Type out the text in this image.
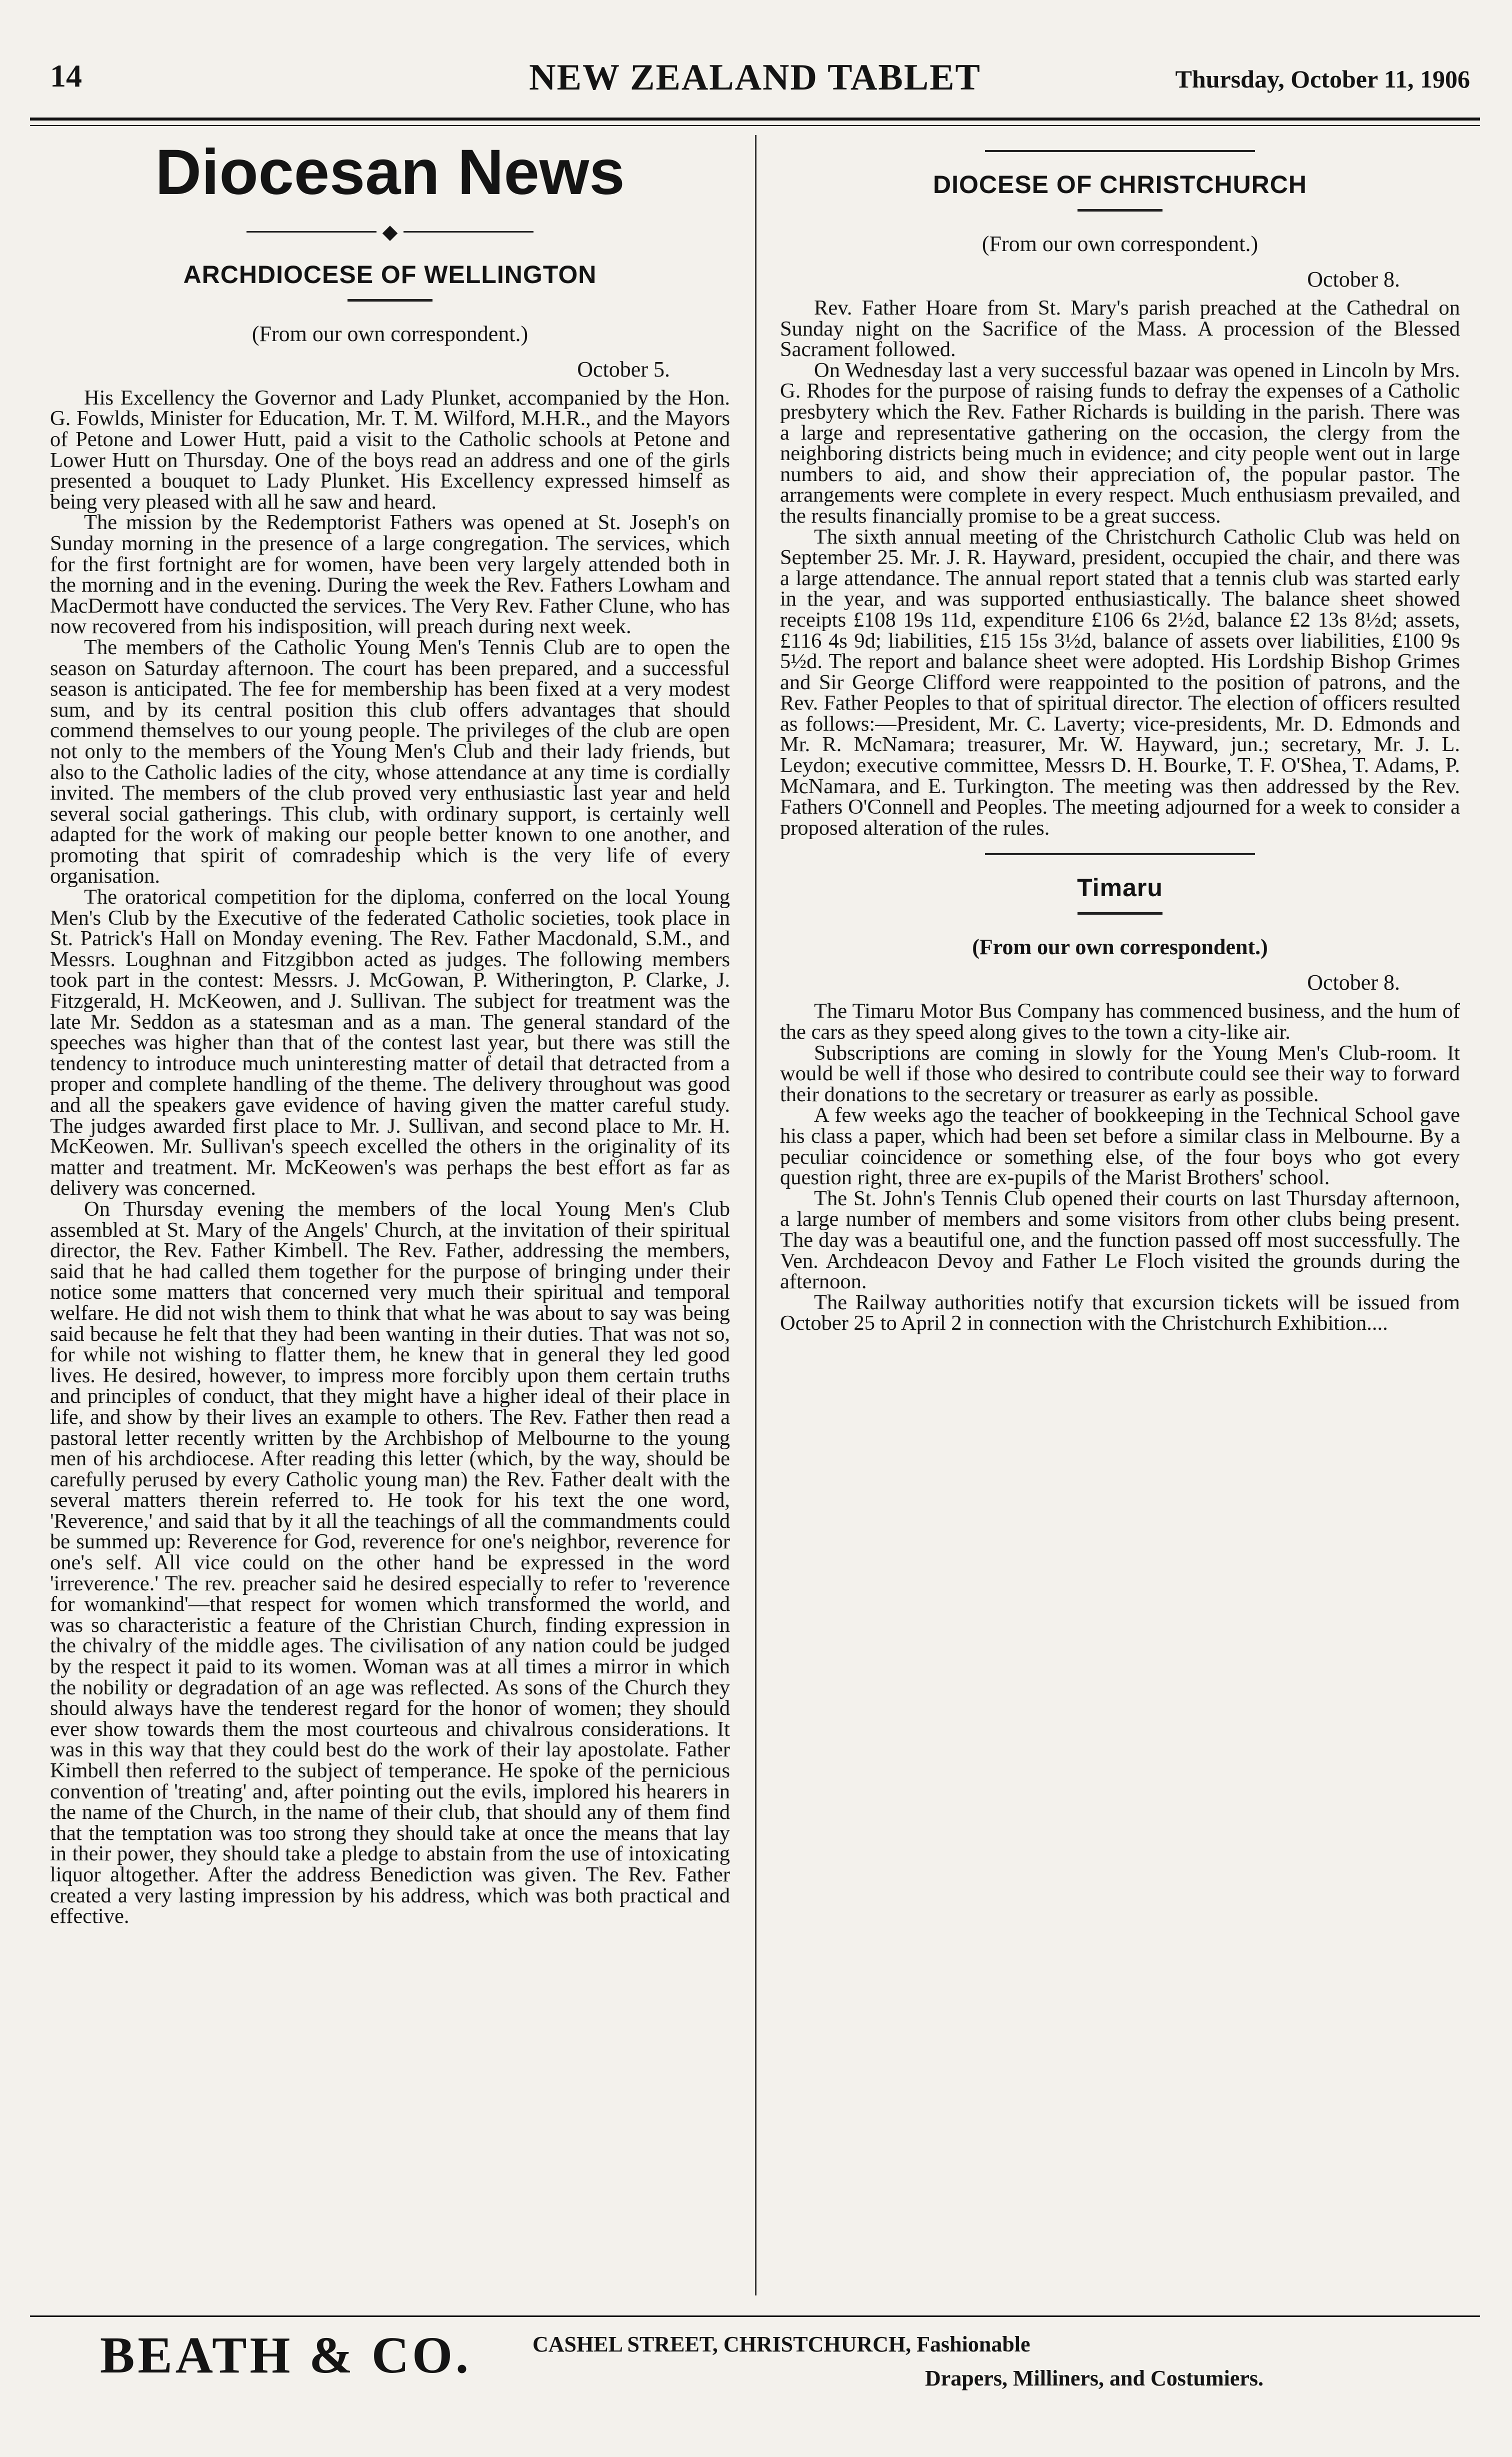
14	NEW ZEALAND TABLET	Thursday, October 11, 1906
Diocesan News
◆
ARCHDIOCESE OF WELLINGTON
(From our own correspondent.)
October 5.

His Excellency the Governor and Lady Plunket, accompanied by the Hon. G. Fowlds, Minister for Education, Mr. T. M. Wilford, M.H.R., and the Mayors of Petone and Lower Hutt, paid a visit to the Catholic schools at Petone and Lower Hutt on Thursday. One of the boys read an address and one of the girls presented a bouquet to Lady Plunket. His Excellency expressed himself as being very pleased with all he saw and heard.

The mission by the Redemptorist Fathers was opened at St. Joseph's on Sunday morning in the presence of a large congregation. The services, which for the first fortnight are for women, have been very largely attended both in the morning and in the evening. During the week the Rev. Fathers Lowham and MacDermott have conducted the services. The Very Rev. Father Clune, who has now recovered from his indisposition, will preach during next week.

The members of the Catholic Young Men's Tennis Club are to open the season on Saturday afternoon. The court has been prepared, and a successful season is anticipated. The fee for membership has been fixed at a very modest sum, and by its central position this club offers advantages that should commend themselves to our young people. The privileges of the club are open not only to the members of the Young Men's Club and their lady friends, but also to the Catholic ladies of the city, whose attendance at any time is cordially invited. The members of the club proved very enthusiastic last year and held several social gatherings. This club, with ordinary support, is certainly well adapted for the work of making our people better known to one another, and promoting that spirit of comradeship which is the very life of every organisation.

The oratorical competition for the diploma, conferred on the local Young Men's Club by the Executive of the federated Catholic societies, took place in St. Patrick's Hall on Monday evening. The Rev. Father Macdonald, S.M., and Messrs. Loughnan and Fitzgibbon acted as judges. The following members took part in the contest: Messrs. J. McGowan, P. Witherington, P. Clarke, J. Fitzgerald, H. McKeowen, and J. Sullivan. The subject for treatment was the late Mr. Seddon as a statesman and as a man. The general standard of the speeches was higher than that of the contest last year, but there was still the tendency to introduce much uninteresting matter of detail that detracted from a proper and complete handling of the theme. The delivery throughout was good and all the speakers gave evidence of having given the matter careful study. The judges awarded first place to Mr. J. Sullivan, and second place to Mr. H. McKeowen. Mr. Sullivan's speech excelled the others in the originality of its matter and treatment. Mr. McKeowen's was perhaps the best effort as far as delivery was concerned.

On Thursday evening the members of the local Young Men's Club assembled at St. Mary of the Angels' Church, at the invitation of their spiritual director, the Rev. Father Kimbell. The Rev. Father, addressing the members, said that he had called them together for the purpose of bringing under their notice some matters that concerned very much their spiritual and temporal welfare. He did not wish them to think that what he was about to say was being said because he felt that they had been wanting in their duties. That was not so, for while not wishing to flatter them, he knew that in general they led good lives. He desired, however, to impress more forcibly upon them certain truths and principles of conduct, that they might have a higher ideal of their place in life, and show by their lives an example to others. The Rev. Father then read a pastoral letter recently written by the Archbishop of Melbourne to the young men of his archdiocese. After reading this letter (which, by the way, should be carefully perused by every Catholic young man) the Rev. Father dealt with the several matters therein referred to. He took for his text the one word, 'Reverence,' and said that by it all the teachings of all the commandments could be summed up: Reverence for God, reverence for one's neighbor, reverence for one's self. All vice could on the other hand be expressed in the word 'irreverence.' The rev. preacher said he desired especially to refer to 'reverence for womankind'—that respect for women which transformed the world, and was so characteristic a feature of the Christian Church, finding expression in the chivalry of the middle ages. The civilisation of any nation could be judged by the respect it paid to its women. Woman was at all times a mirror in which the nobility or degradation of an age was reflected. As sons of the Church they should always have the tenderest regard for the honor of women; they should ever show towards them the most courteous and chivalrous considerations. It was in this way that they could best do the work of their lay apostolate. Father Kimbell then referred to the subject of temperance. He spoke of the pernicious convention of 'treating' and, after pointing out the evils, implored his hearers in the name of the Church, in the name of their club, that should any of them find that the temptation was too strong they should take at once the means that lay in their power, they should take a pledge to abstain from the use of intoxicating liquor altogether. After the address Benediction was given. The Rev. Father created a very lasting impression by his address, which was both practical and effective.

DIOCESE OF CHRISTCHURCH
(From our own correspondent.)
October 8.

Rev. Father Hoare from St. Mary's parish preached at the Cathedral on Sunday night on the Sacrifice of the Mass. A procession of the Blessed Sacrament followed.

On Wednesday last a very successful bazaar was opened in Lincoln by Mrs. G. Rhodes for the purpose of raising funds to defray the expenses of a Catholic presbytery which the Rev. Father Richards is building in the parish. There was a large and representative gathering on the occasion, the clergy from the neighboring districts being much in evidence; and city people went out in large numbers to aid, and show their appreciation of, the popular pastor. The arrangements were complete in every respect. Much enthusiasm prevailed, and the results financially promise to be a great success.

The sixth annual meeting of the Christchurch Catholic Club was held on September 25. Mr. J. R. Hayward, president, occupied the chair, and there was a large attendance. The annual report stated that a tennis club was started early in the year, and was supported enthusiastically. The balance sheet showed receipts £108 19s 11d, expenditure £106 6s 2½d, balance £2 13s 8½d; assets, £116 4s 9d; liabilities, £15 15s 3½d, balance of assets over liabilities, £100 9s 5½d. The report and balance sheet were adopted. His Lordship Bishop Grimes and Sir George Clifford were reappointed to the position of patrons, and the Rev. Father Peoples to that of spiritual director. The election of officers resulted as follows:—President, Mr. C. Laverty; vice-presidents, Mr. D. Edmonds and Mr. R. McNamara; treasurer, Mr. W. Hayward, jun.; secretary, Mr. J. L. Leydon; executive committee, Messrs D. H. Bourke, T. F. O'Shea, T. Adams, P. McNamara, and E. Turkington. The meeting was then addressed by the Rev. Fathers O'Connell and Peoples. The meeting adjourned for a week to consider a proposed alteration of the rules.

Timaru
(From our own correspondent.)
October 8.

The Timaru Motor Bus Company has commenced business, and the hum of the cars as they speed along gives to the town a city-like air.

Subscriptions are coming in slowly for the Young Men's Club-room. It would be well if those who desired to contribute could see their way to forward their donations to the secretary or treasurer as early as possible.

A few weeks ago the teacher of bookkeeping in the Technical School gave his class a paper, which had been set before a similar class in Melbourne. By a peculiar coincidence or something else, of the four boys who got every question right, three are ex-pupils of the Marist Brothers' school.

The St. John's Tennis Club opened their courts on last Thursday afternoon, a large number of members and some visitors from other clubs being present. The day was a beautiful one, and the function passed off most successfully. The Ven. Archdeacon Devoy and Father Le Floch visited the grounds during the afternoon.

The Railway authorities notify that excursion tickets will be issued from October 25 to April 2 in connection with the Christchurch Exhibition....

BEATH & CO.	CASHEL STREET, CHRISTCHURCH, Fashionable
Drapers, Milliners, and Costumiers.
